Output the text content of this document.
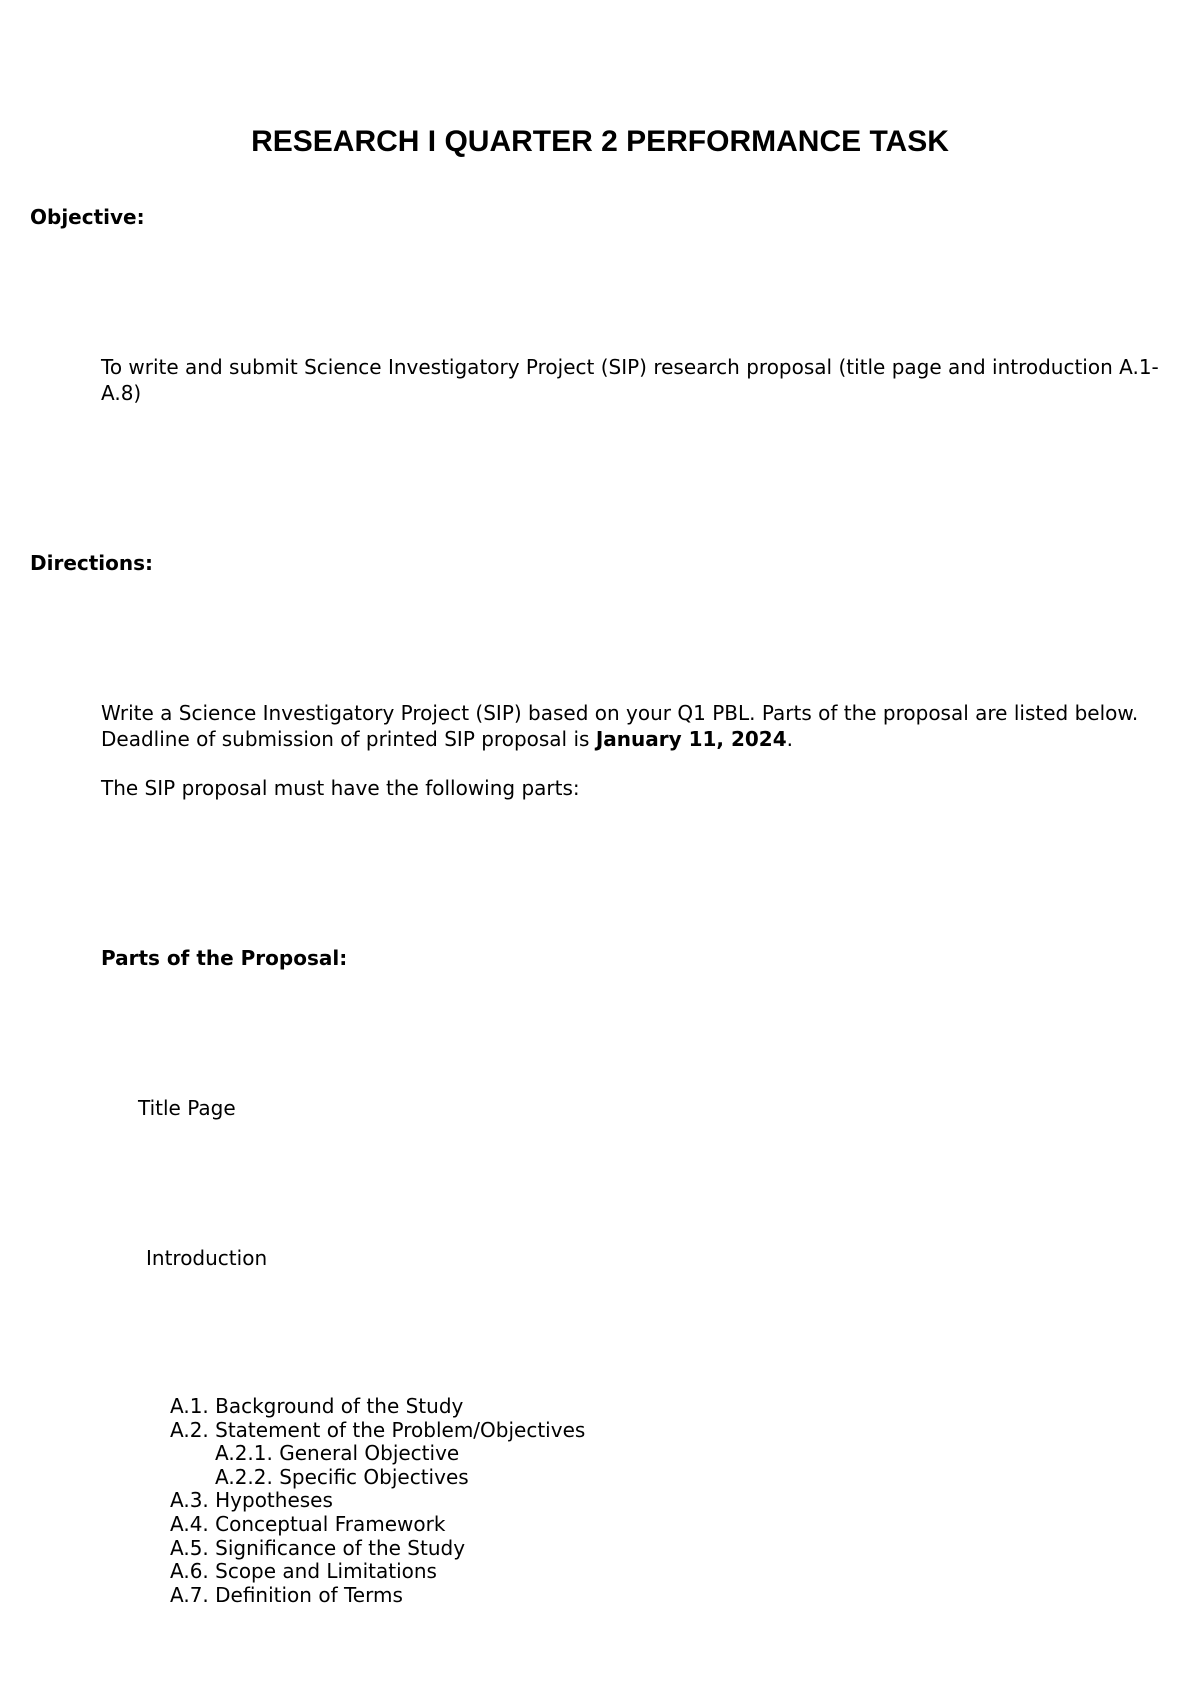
RESEARCH I QUARTER 2 PERFORMANCE TASK
Objective:
To write and submit Science Investigatory Project (SIP) research proposal (title page and introduction A.1-A.8)
Directions:
Write a Science Investigatory Project (SIP) based on your Q1 PBL. Parts of the proposal are listed below. Deadline of submission of printed SIP proposal is January 11, 2024.
The SIP proposal must have the following parts:
Parts of the Proposal:
Title Page
Introduction
A.1. Background of the Study
A.2. Statement of the Problem/Objectives
A.2.1. General Objective
A.2.2. Specific Objectives
A.3. Hypotheses
A.4. Conceptual Framework
A.5. Significance of the Study
A.6. Scope and Limitations
A.7. Definition of Terms
